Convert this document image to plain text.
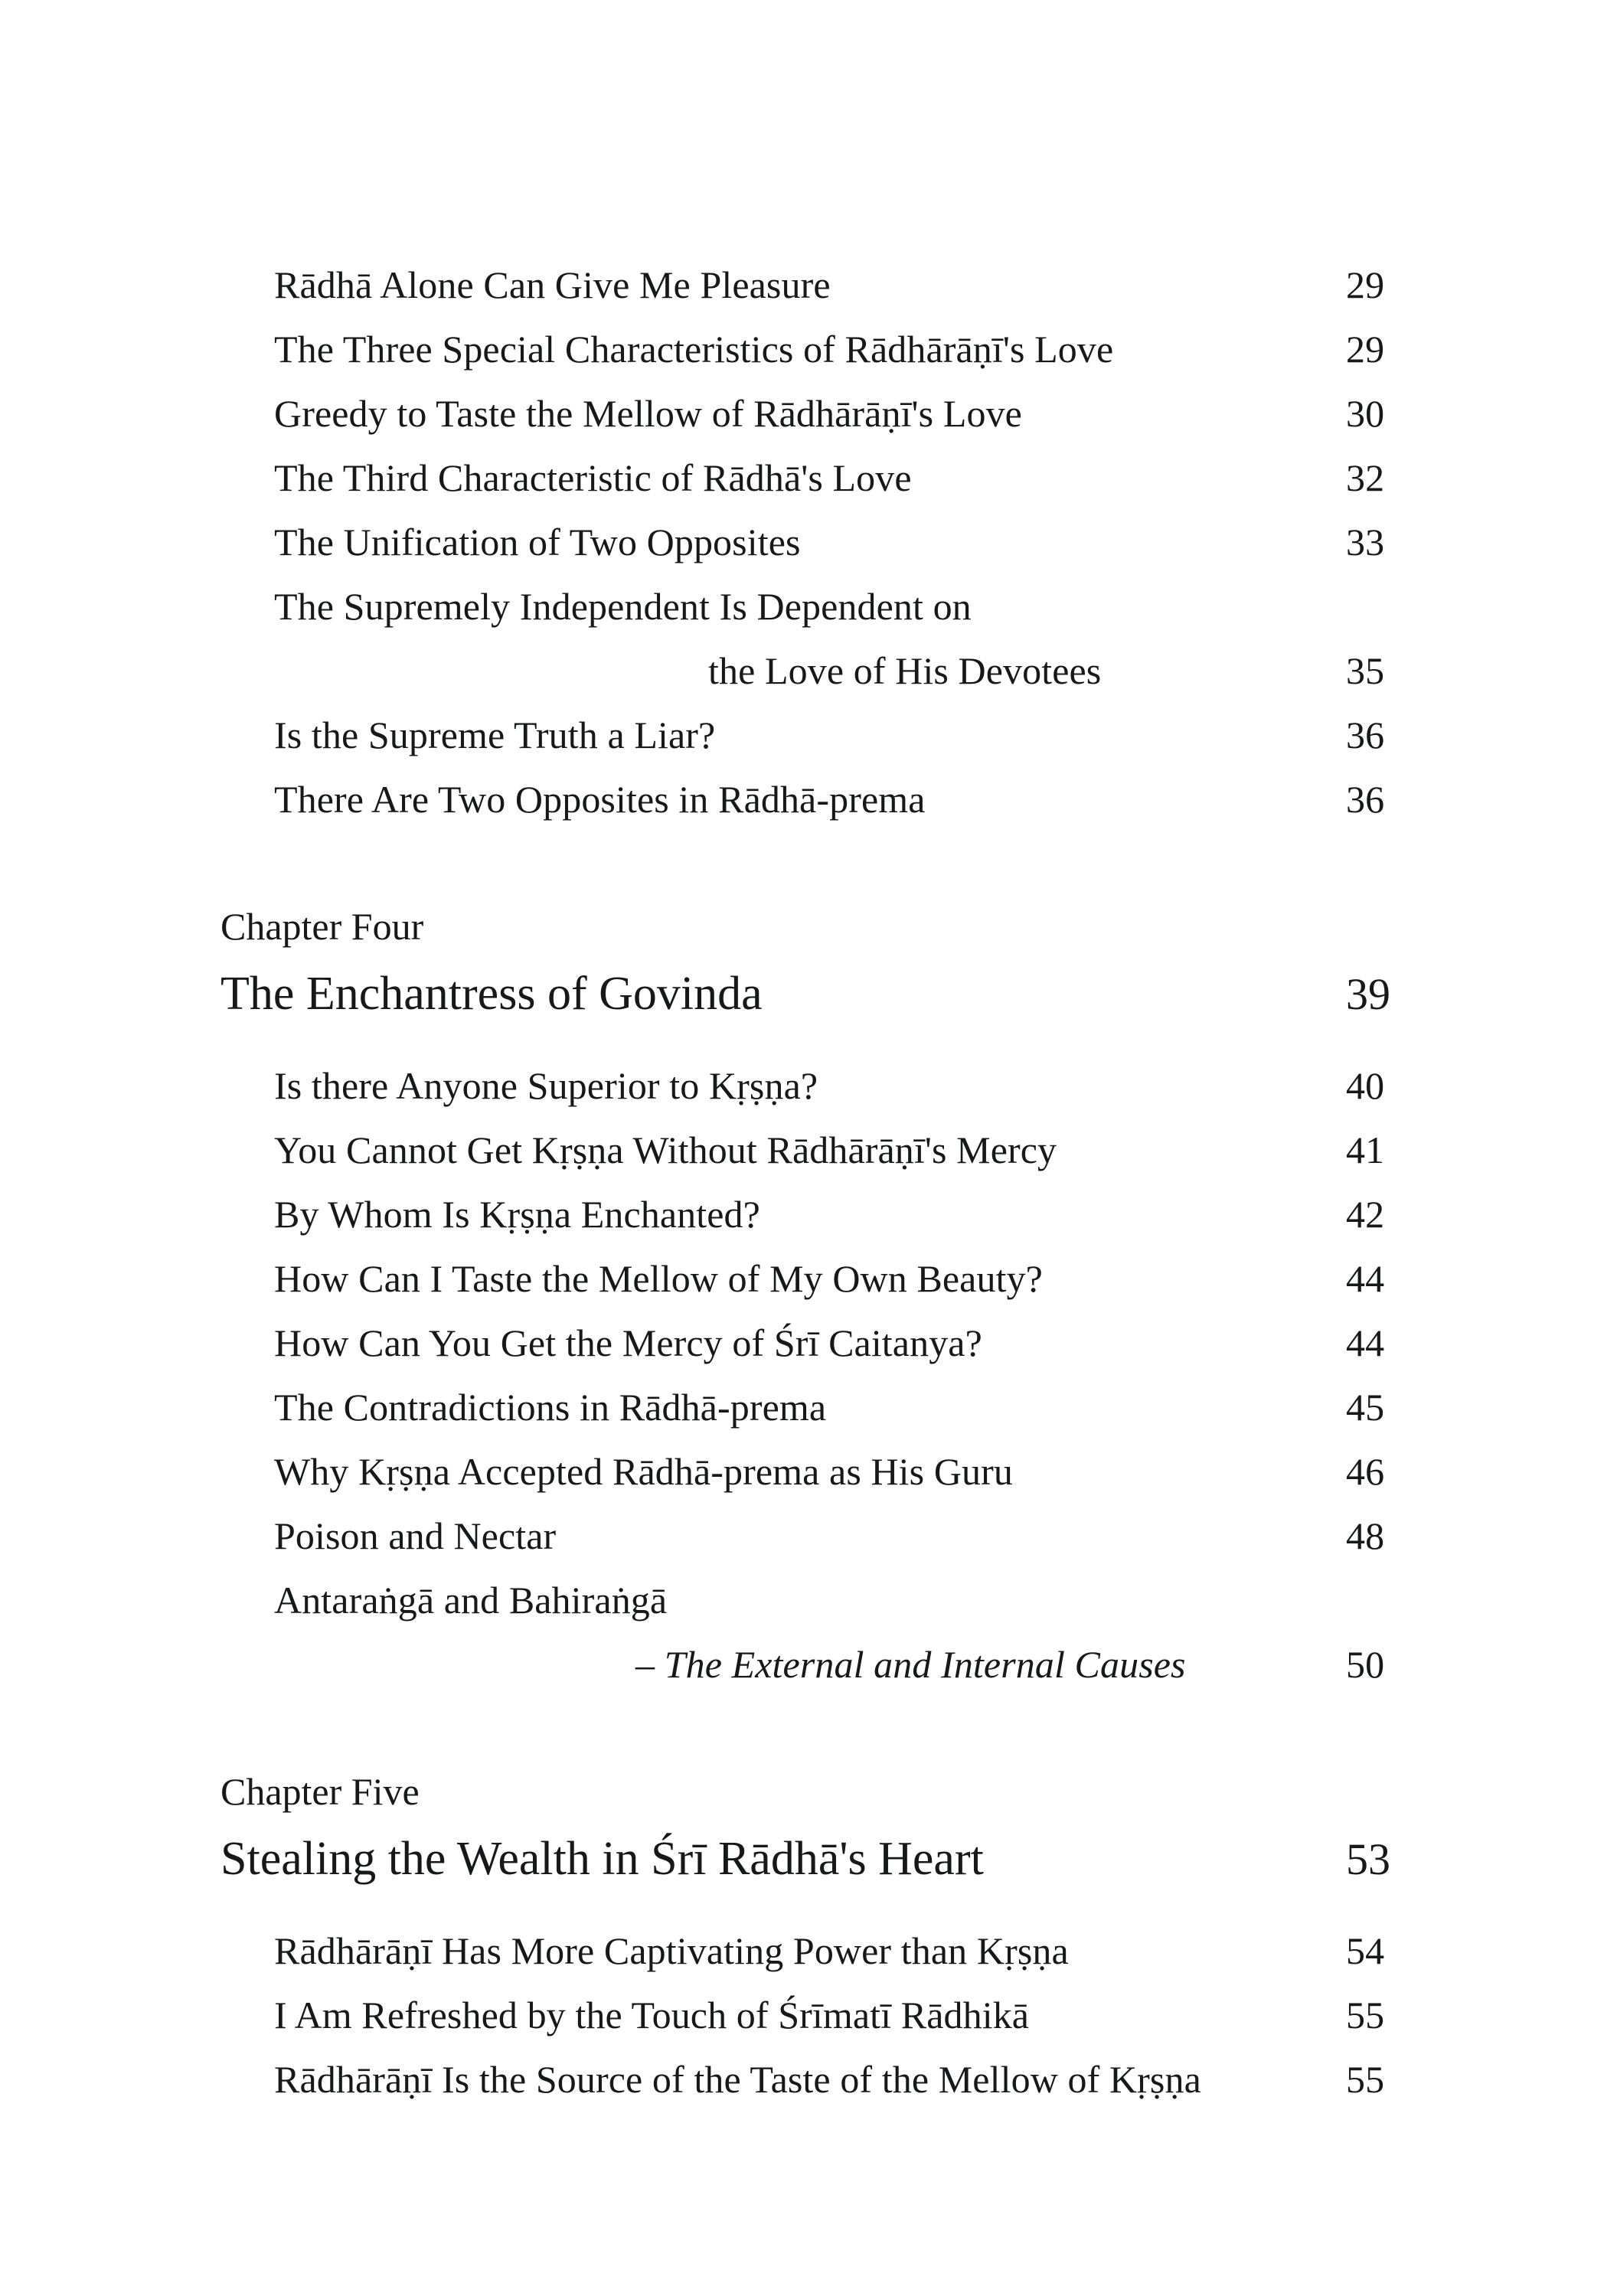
Rādhā Alone Can Give Me Pleasure	29
The Three Special Characteristics of Rādhārāṇī's Love	29
Greedy to Taste the Mellow of Rādhārāṇī's Love	30
The Third Characteristic of Rādhā's Love	32
The Unification of Two Opposites	33
The Supremely Independent Is Dependent on
the Love of His Devotees	35
Is the Supreme Truth a Liar?	36
There Are Two Opposites in Rādhā-prema	36
Chapter Four
The Enchantress of Govinda	39
Is there Anyone Superior to Kṛṣṇa?	40
You Cannot Get Kṛṣṇa Without Rādhārāṇī's Mercy	41
By Whom Is Kṛṣṇa Enchanted?	42
How Can I Taste the Mellow of My Own Beauty?	44
How Can You Get the Mercy of Śrī Caitanya?	44
The Contradictions in Rādhā-prema	45
Why Kṛṣṇa Accepted Rādhā-prema as His Guru	46
Poison and Nectar	48
Antaraṅgā and Bahiraṅgā
– The External and Internal Causes	50
Chapter Five
Stealing the Wealth in Śrī Rādhā's Heart	53
Rādhārāṇī Has More Captivating Power than Kṛṣṇa	54
I Am Refreshed by the Touch of Śrīmatī Rādhikā	55
Rādhārāṇī Is the Source of the Taste of the Mellow of Kṛṣṇa	55
